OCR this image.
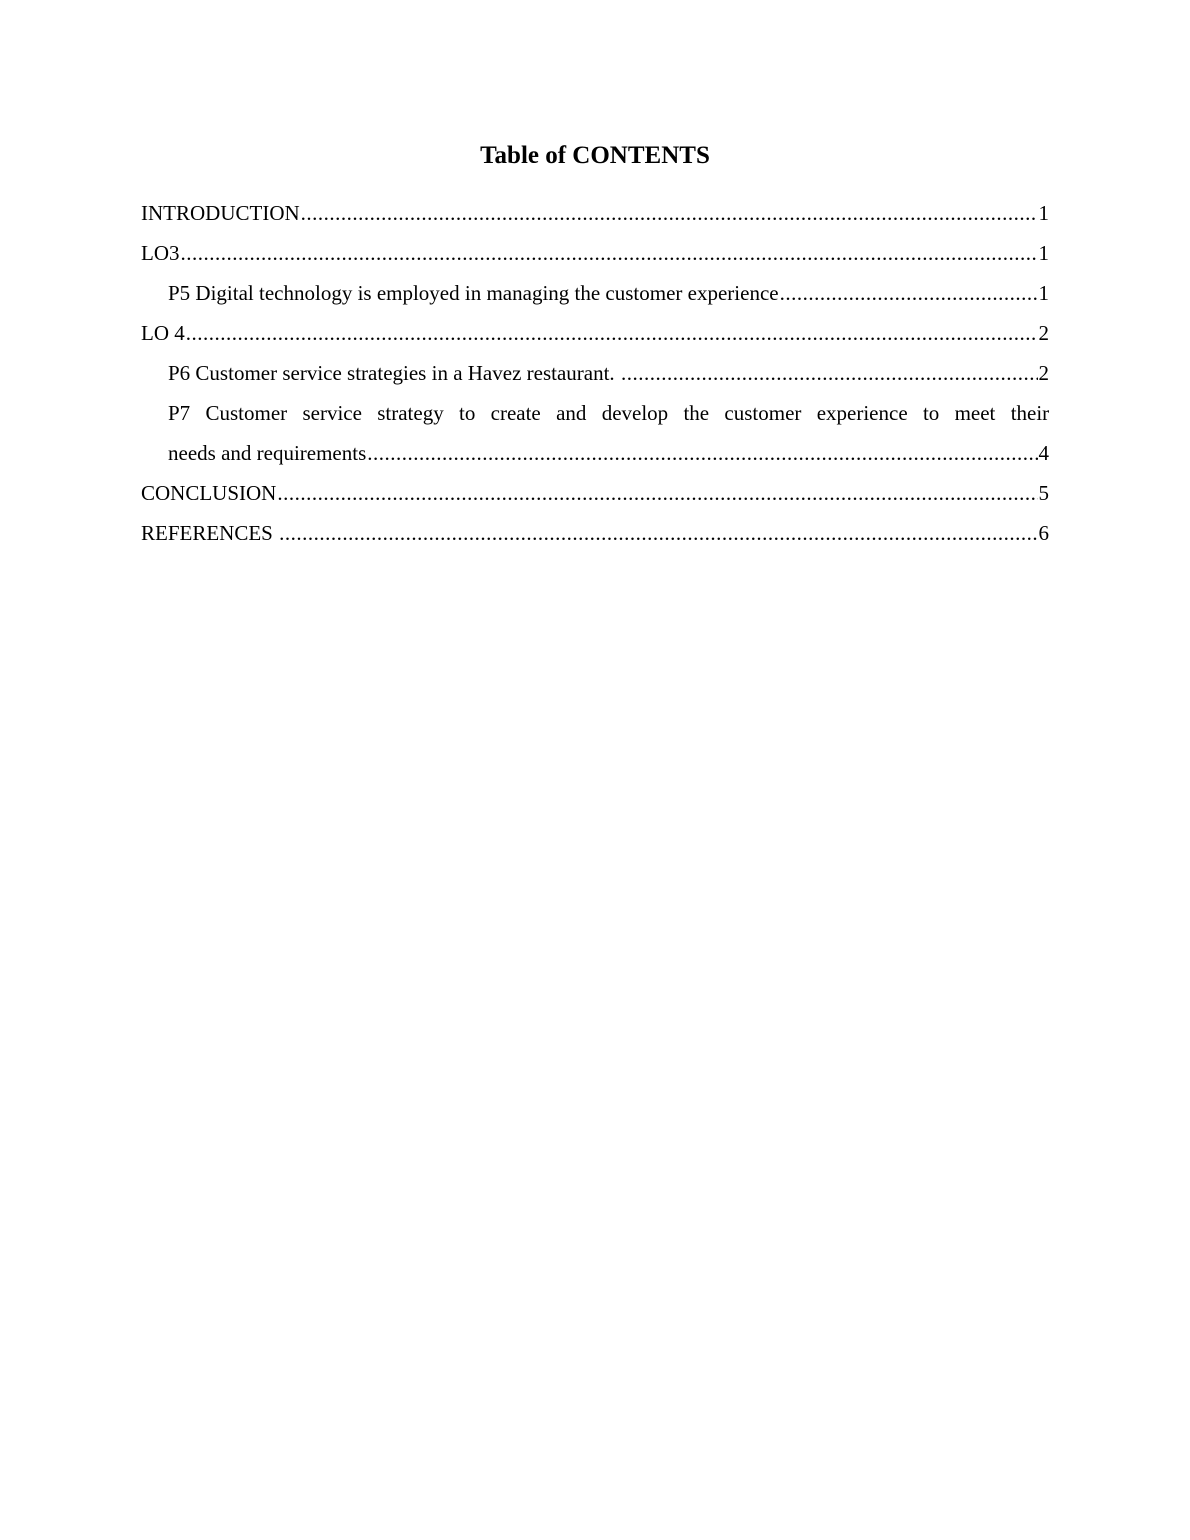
Table of CONTENTS
INTRODUCTION .....	1
LO3 .....	1
P5 Digital technology is employed in managing the customer experience .....	1
LO 4 .....	2
P6 Customer service strategies in a Havez restaurant. .....	2
P7 Customer service strategy to create and develop the customer experience to meet their
needs and requirements .....	4
CONCLUSION .....	5
REFERENCES .....	6
